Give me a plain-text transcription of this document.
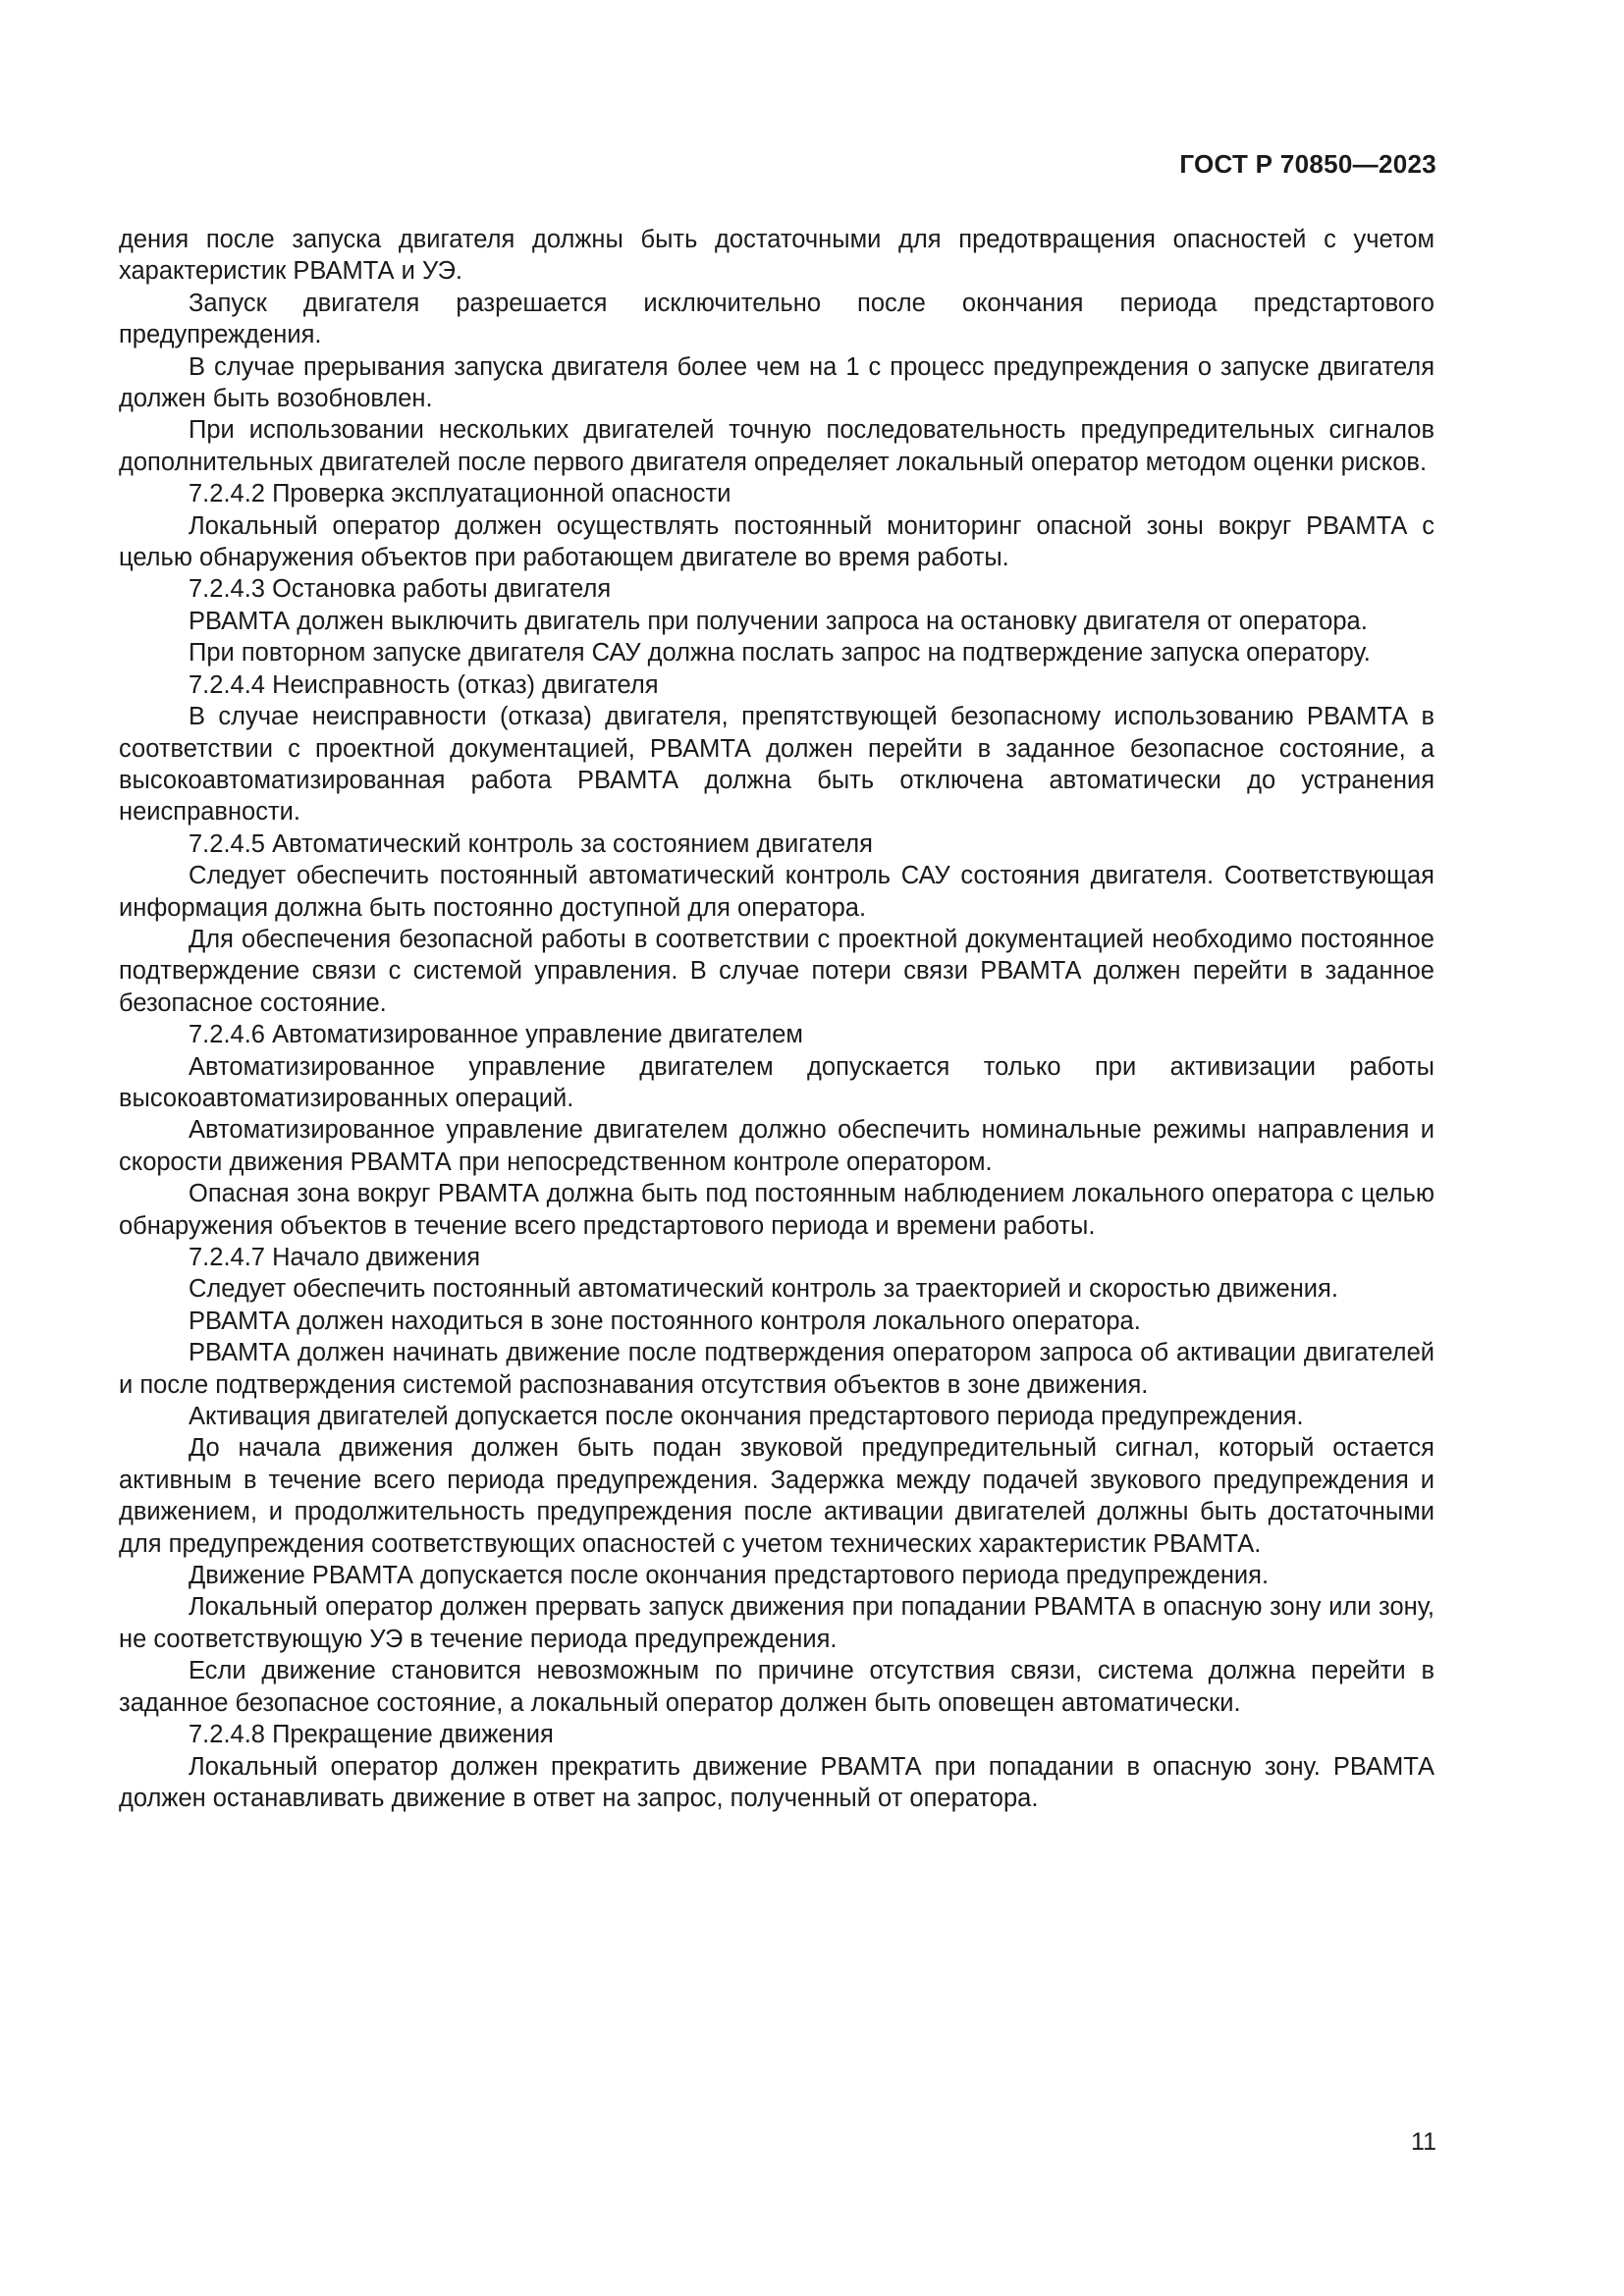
ГОСТ Р 70850—2023

дения после запуска двигателя должны быть достаточными для предотвращения опасностей с учетом характеристик РВАМТА и УЭ.

Запуск двигателя разрешается исключительно после окончания периода предстартового предупреждения.

В случае прерывания запуска двигателя более чем на 1 с процесс предупреждения о запуске двигателя должен быть возобновлен.

При использовании нескольких двигателей точную последовательность предупредительных сигналов дополнительных двигателей после первого двигателя определяет локальный оператор методом оценки рисков.

7.2.4.2 Проверка эксплуатационной опасности

Локальный оператор должен осуществлять постоянный мониторинг опасной зоны вокруг РВАМТА с целью обнаружения объектов при работающем двигателе во время работы.

7.2.4.3 Остановка работы двигателя

РВАМТА должен выключить двигатель при получении запроса на остановку двигателя от оператора.

При повторном запуске двигателя САУ должна послать запрос на подтверждение запуска оператору.

7.2.4.4 Неисправность (отказ) двигателя

В случае неисправности (отказа) двигателя, препятствующей безопасному использованию РВАМТА в соответствии с проектной документацией, РВАМТА должен перейти в заданное безопасное состояние, а высокоавтоматизированная работа РВАМТА должна быть отключена автоматически до устранения неисправности.

7.2.4.5 Автоматический контроль за состоянием двигателя

Следует обеспечить постоянный автоматический контроль САУ состояния двигателя. Соответствующая информация должна быть постоянно доступной для оператора.

Для обеспечения безопасной работы в соответствии с проектной документацией необходимо постоянное подтверждение связи с системой управления. В случае потери связи РВАМТА должен перейти в заданное безопасное состояние.

7.2.4.6 Автоматизированное управление двигателем

Автоматизированное управление двигателем допускается только при активизации работы высокоавтоматизированных операций.

Автоматизированное управление двигателем должно обеспечить номинальные режимы направления и скорости движения РВАМТА при непосредственном контроле оператором.

Опасная зона вокруг РВАМТА должна быть под постоянным наблюдением локального оператора с целью обнаружения объектов в течение всего предстартового периода и времени работы.

7.2.4.7 Начало движения

Следует обеспечить постоянный автоматический контроль за траекторией и скоростью движения.

РВАМТА должен находиться в зоне постоянного контроля локального оператора.

РВАМТА должен начинать движение после подтверждения оператором запроса об активации двигателей и после подтверждения системой распознавания отсутствия объектов в зоне движения.

Активация двигателей допускается после окончания предстартового периода предупреждения.

До начала движения должен быть подан звуковой предупредительный сигнал, который остается активным в течение всего периода предупреждения. Задержка между подачей звукового предупреждения и движением, и продолжительность предупреждения после активации двигателей должны быть достаточными для предупреждения соответствующих опасностей с учетом технических характеристик РВАМТА.

Движение РВАМТА допускается после окончания предстартового периода предупреждения.

Локальный оператор должен прервать запуск движения при попадании РВАМТА в опасную зону или зону, не соответствующую УЭ в течение периода предупреждения.

Если движение становится невозможным по причине отсутствия связи, система должна перейти в заданное безопасное состояние, а локальный оператор должен быть оповещен автоматически.

7.2.4.8 Прекращение движения

Локальный оператор должен прекратить движение РВАМТА при попадании в опасную зону. РВАМТА должен останавливать движение в ответ на запрос, полученный от оператора.

11
